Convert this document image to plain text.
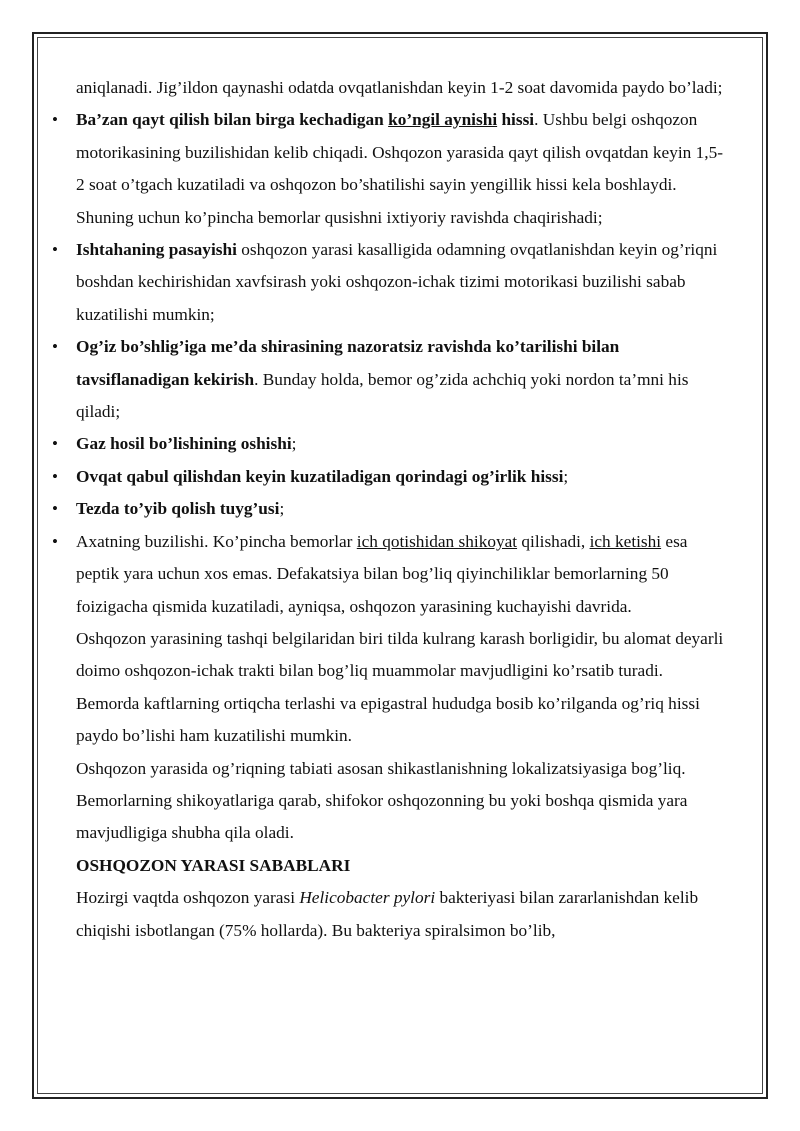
aniqlanadi. Jig’ildon qaynashi odatda ovqatlanishdan keyin 1-2 soat davomida paydo bo’ladi;

• Ba’zan qayt qilish bilan birga kechadigan ko’ngil aynishi hissi. Ushbu belgi oshqozon motorikasining buzilishidan kelib chiqadi. Oshqozon yarasida qayt qilish ovqatdan keyin 1,5-2 soat o’tgach kuzatiladi va oshqozon bo’shatilishi sayin yengillik hissi kela boshlaydi. Shuning uchun ko’pincha bemorlar qusishni ixtiyoriy ravishda chaqirishadi;

• Ishtahaning pasayishi oshqozon yarasi kasalligida odamning ovqatlanishdan keyin og’riqni boshdan kechirishidan xavfsirash yoki oshqozon-ichak tizimi motorikasi buzilishi sabab kuzatilishi mumkin;

• Og’iz bo’shlig’iga me’da shirasining nazoratsiz ravishda ko’tarilishi bilan tavsiflanadigan kekirish. Bunday holda, bemor og’zida achchiq yoki nordon ta’mni his qiladi;

• Gaz hosil bo’lishining oshishi;

• Ovqat qabul qilishdan keyin kuzatiladigan qorindagi og’irlik hissi;

• Tezda to’yib qolish tuyg’usi;

• Axatning buzilishi. Ko’pincha bemorlar ich qotishidan shikoyat qilishadi, ich ketishi esa peptik yara uchun xos emas. Defakatsiya bilan bog’liq qiyinchiliklar bemorlarning 50 foizigacha qismida kuzatiladi, ayniqsa, oshqozon yarasining kuchayishi davrida.

Oshqozon yarasining tashqi belgilaridan biri tilda kulrang karash borligidir, bu alomat deyarli doimo oshqozon-ichak trakti bilan bog’liq muammolar mavjudligini ko’rsatib turadi. Bemorda kaftlarning ortiqcha terlashi va epigastral hududga bosib ko’rilganda og’riq hissi paydo bo’lishi ham kuzatilishi mumkin.

Oshqozon yarasida og’riqning tabiati asosan shikastlanishning lokalizatsiyasiga bog’liq. Bemorlarning shikoyatlariga qarab, shifokor oshqozonning bu yoki boshqa qismida yara mavjudligiga shubha qila oladi.

OSHQOZON YARASI SABABLARI

Hozirgi vaqtda oshqozon yarasi Helicobacter pylori bakteriyasi bilan zararlanishdan kelib chiqishi isbotlangan (75% hollarda). Bu bakteriya spiralsimon bo’lib,
